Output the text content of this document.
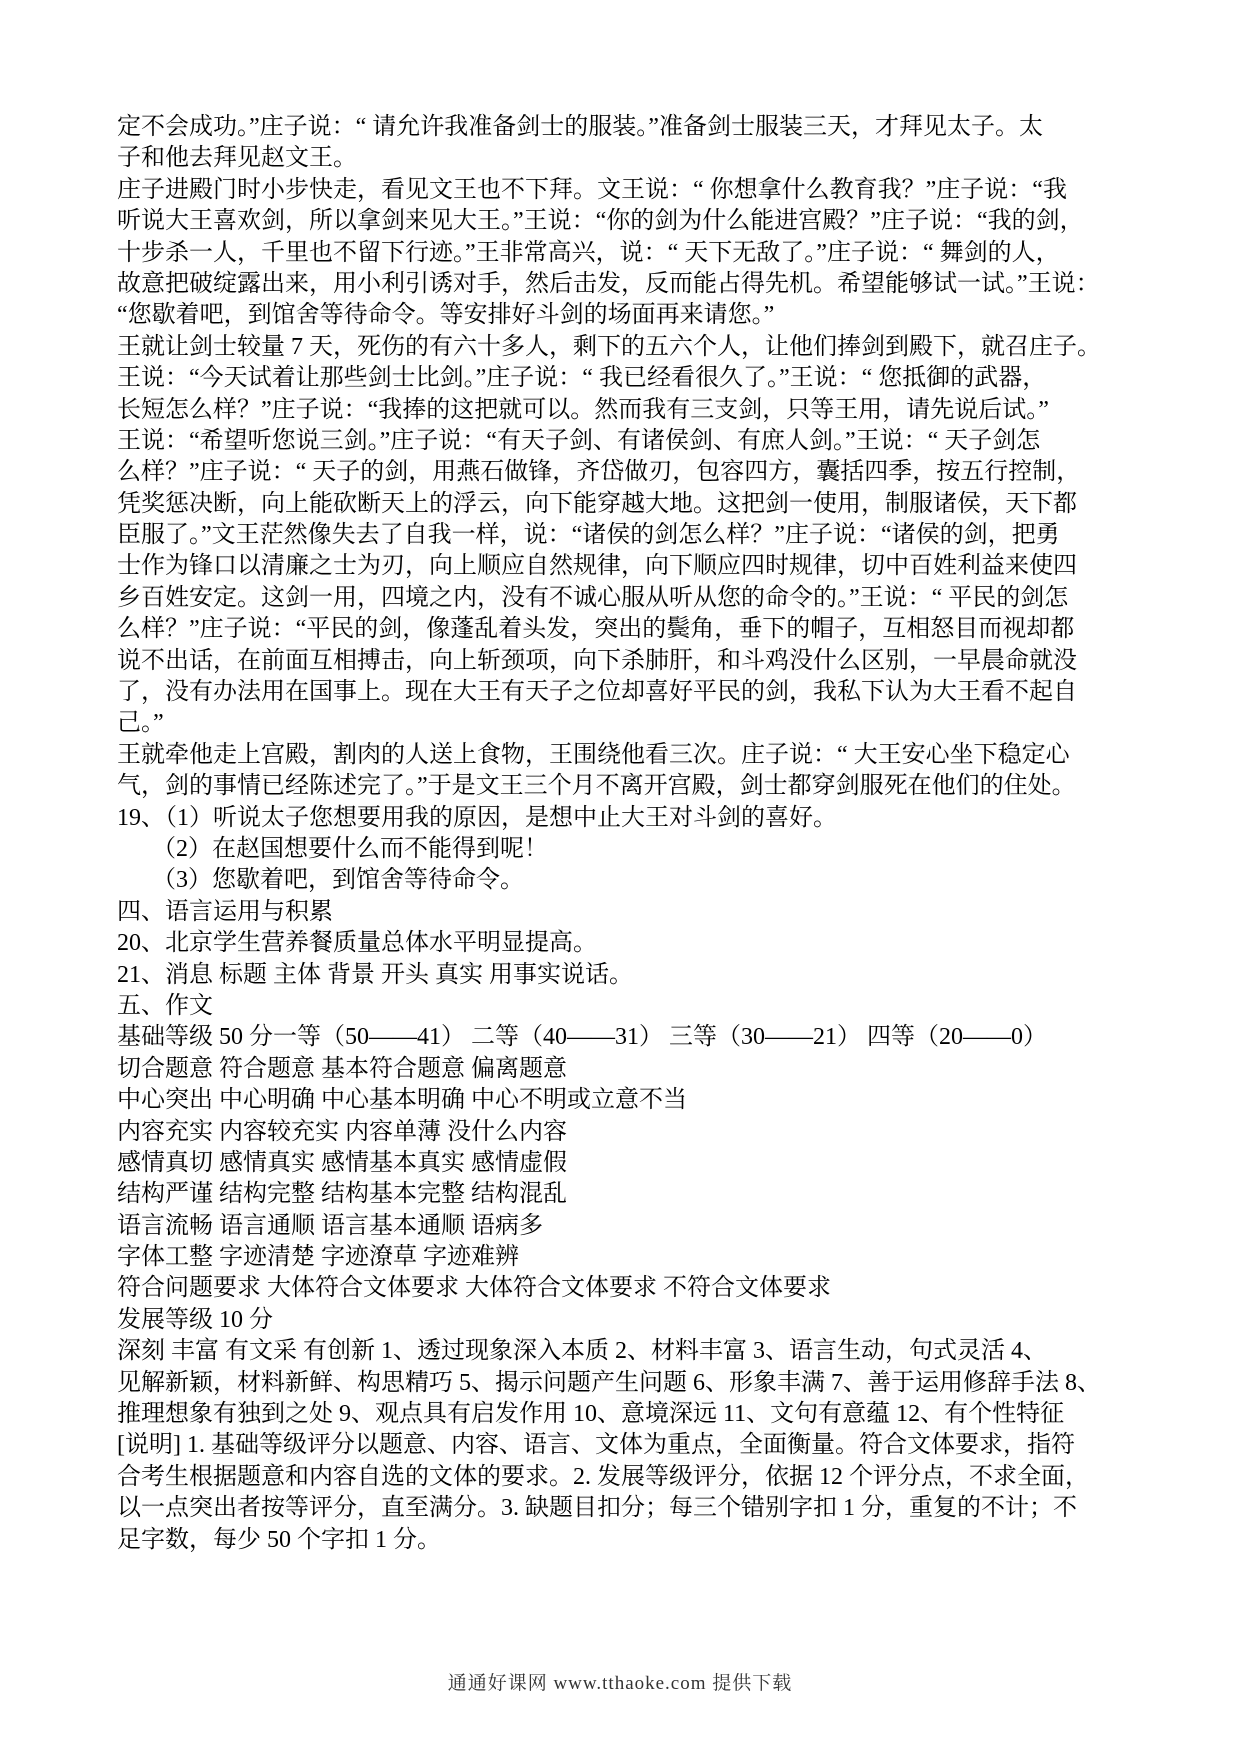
定不会成功。”庄子说：“ 请允许我准备剑士的服装。”准备剑士服装三天，才拜见太子。太
子和他去拜见赵文王。
庄子进殿门时小步快走，看见文王也不下拜。文王说：“ 你想拿什么教育我？”庄子说：“我
听说大王喜欢剑，所以拿剑来见大王。”王说：“你的剑为什么能进宫殿？”庄子说：“我的剑，
十步杀一人，千里也不留下行迹。”王非常高兴，说：“ 天下无敌了。”庄子说：“ 舞剑的人，
故意把破绽露出来，用小利引诱对手，然后击发，反而能占得先机。希望能够试一试。”王说：
“您歇着吧，到馆舍等待命令。等安排好斗剑的场面再来请您。”
王就让剑士较量 7 天，死伤的有六十多人，剩下的五六个人，让他们捧剑到殿下，就召庄子。
王说：“今天试着让那些剑士比剑。”庄子说：“ 我已经看很久了。”王说：“ 您抵御的武器，
长短怎么样？”庄子说：“我捧的这把就可以。然而我有三支剑，只等王用，请先说后试。”
王说：“希望听您说三剑。”庄子说：“有天子剑、有诸侯剑、有庶人剑。”王说：“ 天子剑怎
么样？”庄子说：“ 天子的剑，用燕石做锋，齐岱做刃，包容四方，囊括四季，按五行控制，
凭奖惩决断，向上能砍断天上的浮云，向下能穿越大地。这把剑一使用，制服诸侯，天下都
臣服了。”文王茫然像失去了自我一样，说：“诸侯的剑怎么样？”庄子说：“诸侯的剑，把勇
士作为锋口以清廉之士为刃，向上顺应自然规律，向下顺应四时规律，切中百姓利益来使四
乡百姓安定。这剑一用，四境之内，没有不诚心服从听从您的命令的。”王说：“ 平民的剑怎
么样？”庄子说：“平民的剑，像蓬乱着头发，突出的鬓角，垂下的帽子，互相怒目而视却都
说不出话，在前面互相搏击，向上斩颈项，向下杀肺肝，和斗鸡没什么区别，一早晨命就没
了，没有办法用在国事上。现在大王有天子之位却喜好平民的剑，我私下认为大王看不起自
己。”
王就牵他走上宫殿，割肉的人送上食物，王围绕他看三次。庄子说：“ 大王安心坐下稳定心
气，剑的事情已经陈述完了。”于是文王三个月不离开宫殿，剑士都穿剑服死在他们的住处。
19、（1）听说太子您想要用我的原因，是想中止大王对斗剑的喜好。
（2）在赵国想要什么而不能得到呢！
（3）您歇着吧，到馆舍等待命令。
四、语言运用与积累
20、北京学生营养餐质量总体水平明显提高。
21、消息 标题 主体 背景 开头 真实 用事实说话。
五、作文
基础等级 50 分一等（50——41） 二等（40——31） 三等（30——21） 四等（20——0）
切合题意 符合题意 基本符合题意 偏离题意
中心突出 中心明确 中心基本明确 中心不明或立意不当
内容充实 内容较充实 内容单薄 没什么内容
感情真切 感情真实 感情基本真实 感情虚假
结构严谨 结构完整 结构基本完整 结构混乱
语言流畅 语言通顺 语言基本通顺 语病多
字体工整 字迹清楚 字迹潦草 字迹难辨
符合问题要求 大体符合文体要求 大体符合文体要求 不符合文体要求
发展等级 10 分
深刻 丰富 有文采 有创新 1、透过现象深入本质 2、材料丰富 3、语言生动，句式灵活 4、
见解新颖，材料新鲜、构思精巧 5、揭示问题产生问题 6、形象丰满 7、善于运用修辞手法 8、
推理想象有独到之处 9、观点具有启发作用 10、意境深远 11、文句有意蕴 12、有个性特征
[说明] 1. 基础等级评分以题意、内容、语言、文体为重点，全面衡量。符合文体要求，指符
合考生根据题意和内容自选的文体的要求。2. 发展等级评分，依据 12 个评分点，不求全面，
以一点突出者按等评分，直至满分。3. 缺题目扣分；每三个错别字扣 1 分，重复的不计；不
足字数，每少 50 个字扣 1 分。
通通好课网 www.tthaoke.com 提供下载
